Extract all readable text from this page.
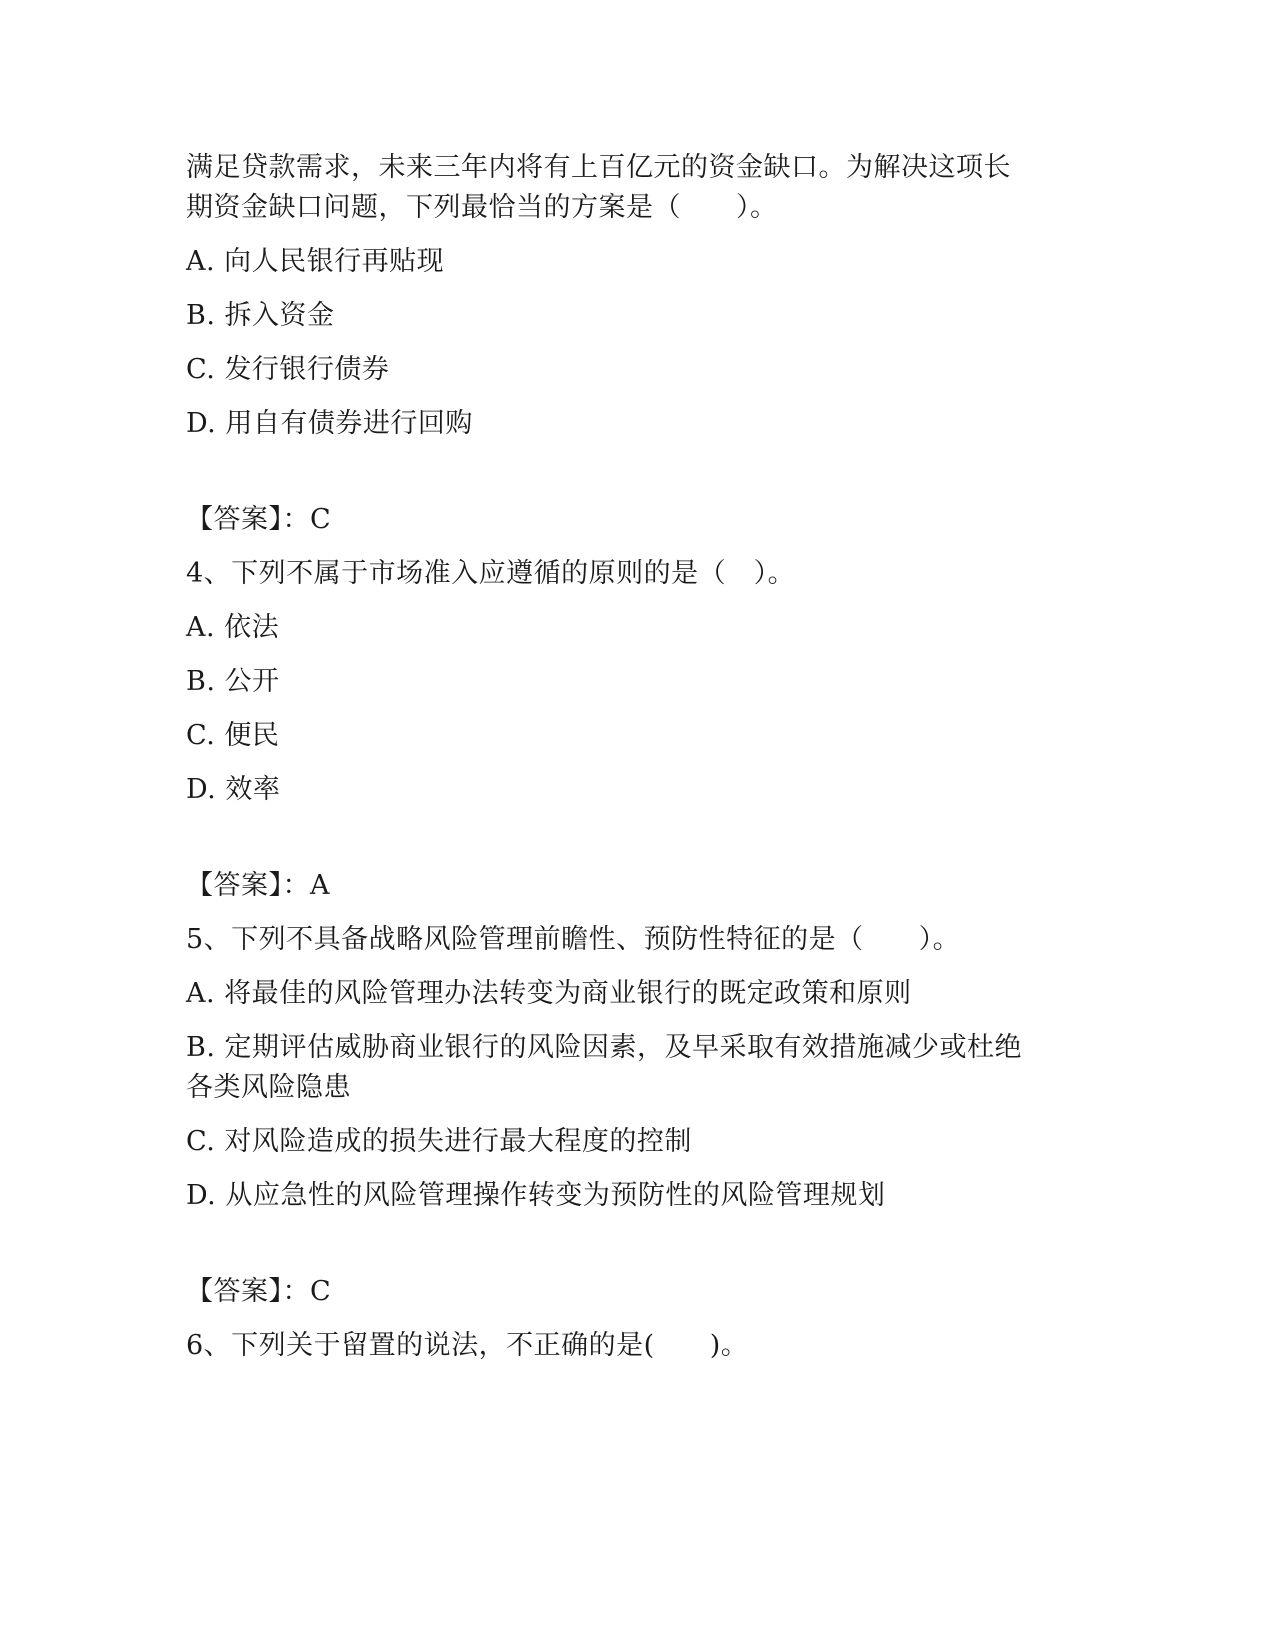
满足贷款需求，未来三年内将有上百亿元的资金缺口。为解决这项长
期资金缺口问题，下列最恰当的方案是（　　）。
A. 向人民银行再贴现
B. 拆入资金
C. 发行银行债券
D. 用自有债券进行回购
【答案】：C
4、下列不属于市场准入应遵循的原则的是（　）。
A. 依法
B. 公开
C. 便民
D. 效率
【答案】：A
5、下列不具备战略风险管理前瞻性、预防性特征的是（　　）。
A. 将最佳的风险管理办法转变为商业银行的既定政策和原则
B. 定期评估威胁商业银行的风险因素，及早采取有效措施减少或杜绝
各类风险隐患
C. 对风险造成的损失进行最大程度的控制
D. 从应急性的风险管理操作转变为预防性的风险管理规划
【答案】：C
6、下列关于留置的说法，不正确的是(　　)。
